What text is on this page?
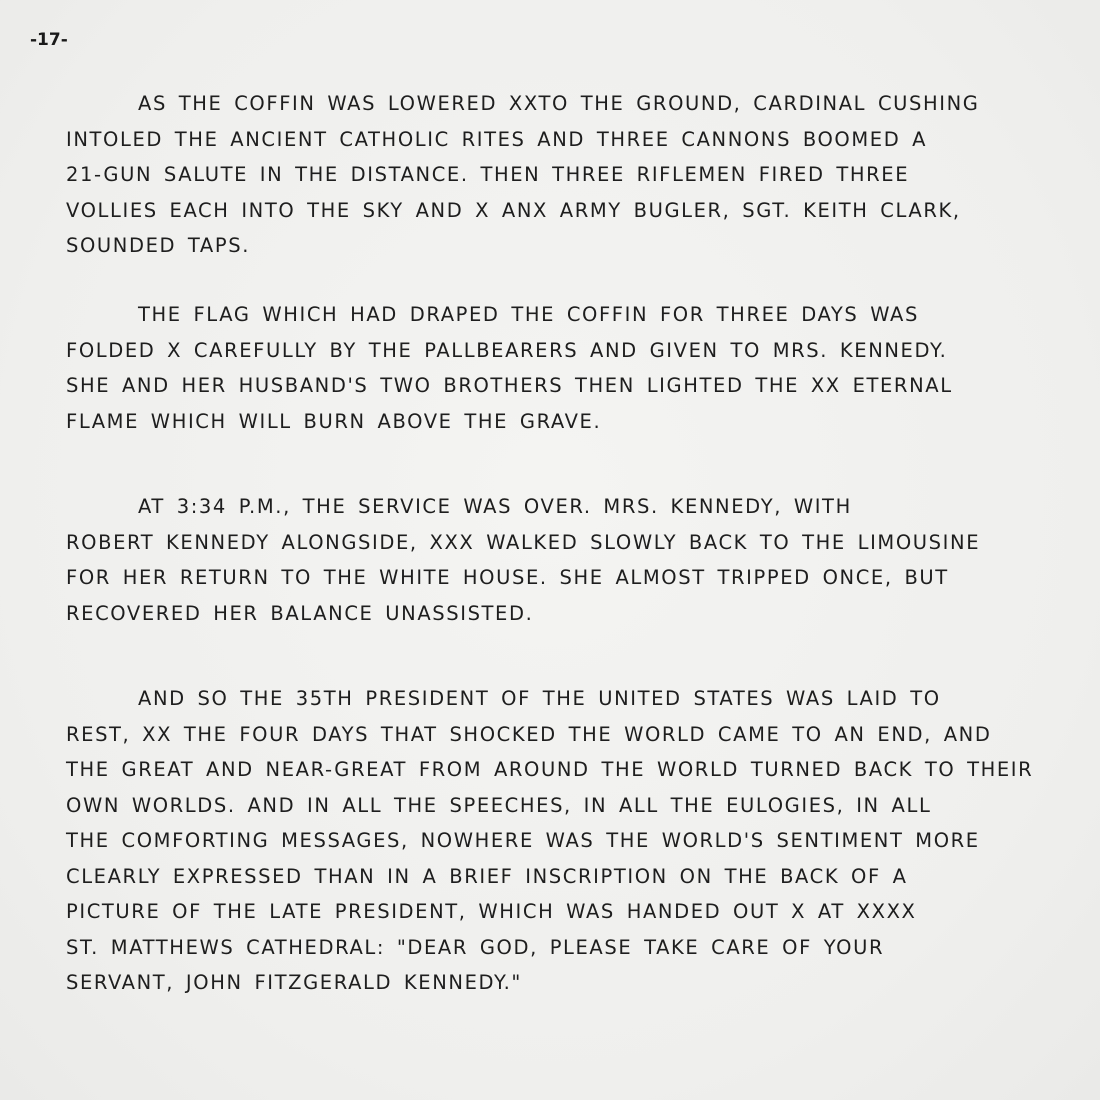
-17-

AS THE COFFIN WAS LOWERED XXTO THE GROUND, CARDINAL CUSHING
INTOLED THE ANCIENT CATHOLIC RITES AND THREE CANNONS BOOMED A
21-GUN SALUTE IN THE DISTANCE. THEN THREE RIFLEMEN FIRED THREE
VOLLIES EACH INTO THE SKY AND X ANX ARMY BUGLER, SGT. KEITH CLARK,
SOUNDED TAPS.

THE FLAG WHICH HAD DRAPED THE COFFIN FOR THREE DAYS WAS
FOLDED X CAREFULLY BY THE PALLBEARERS AND GIVEN TO MRS. KENNEDY.
SHE AND HER HUSBAND'S TWO BROTHERS THEN LIGHTED THE XX ETERNAL
FLAME WHICH WILL BURN ABOVE THE GRAVE.

AT 3:34 P.M., THE SERVICE WAS OVER. MRS. KENNEDY, WITH
ROBERT KENNEDY ALONGSIDE, XXX WALKED SLOWLY BACK TO THE LIMOUSINE
FOR HER RETURN TO THE WHITE HOUSE. SHE ALMOST TRIPPED ONCE, BUT
RECOVERED HER BALANCE UNASSISTED.

AND SO THE 35TH PRESIDENT OF THE UNITED STATES WAS LAID TO
REST, XX THE FOUR DAYS THAT SHOCKED THE WORLD CAME TO AN END, AND
THE GREAT AND NEAR-GREAT FROM AROUND THE WORLD TURNED BACK TO THEIR
OWN WORLDS. AND IN ALL THE SPEECHES, IN ALL THE EULOGIES, IN ALL
THE COMFORTING MESSAGES, NOWHERE WAS THE WORLD'S SENTIMENT MORE
CLEARLY EXPRESSED THAN IN A BRIEF INSCRIPTION ON THE BACK OF A
PICTURE OF THE LATE PRESIDENT, WHICH WAS HANDED OUT X AT XXXX
ST. MATTHEWS CATHEDRAL: "DEAR GOD, PLEASE TAKE CARE OF YOUR
SERVANT, JOHN FITZGERALD KENNEDY."
